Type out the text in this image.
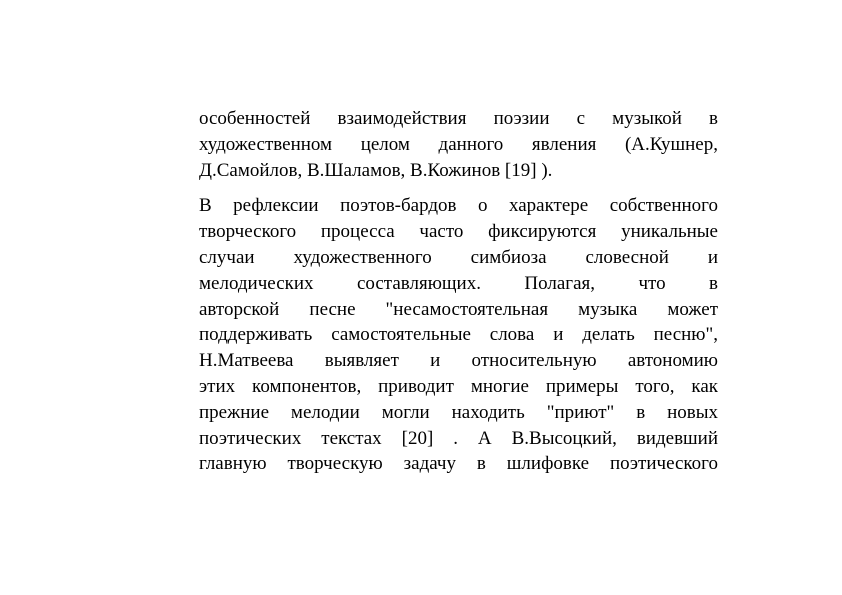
особенностей взаимодействия поэзии с музыкой в
художественном целом данного явления (А.Кушнер,
Д.Самойлов, В.Шаламов, В.Кожинов [19] ).
В рефлексии поэтов-бардов о характере собственного
творческого процесса часто фиксируются уникальные
случаи художественного симбиоза словесной и
мелодических составляющих. Полагая, что в
авторской песне "несамостоятельная музыка может
поддерживать самостоятельные слова и делать песню",
Н.Матвеева выявляет и относительную автономию
этих компонентов, приводит многие примеры того, как
прежние мелодии могли находить "приют" в новых
поэтических текстах [20] . А В.Высоцкий, видевший
главную творческую задачу в шлифовке поэтического
